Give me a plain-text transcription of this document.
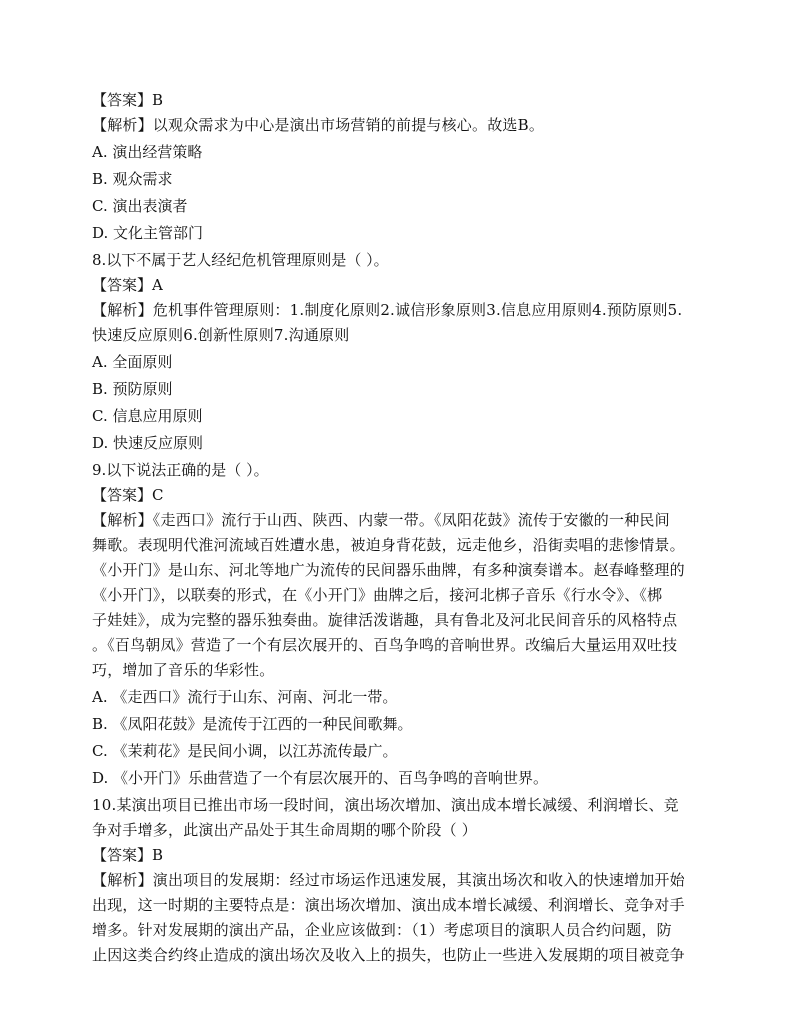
【答案】B
【解析】以观众需求为中心是演出市场营销的前提与核心。故选B。
A. 演出经营策略
B. 观众需求
C. 演出表演者
D. 文化主管部门
8.以下不属于艺人经纪危机管理原则是（ ）。
【答案】A
【解析】危机事件管理原则：1.制度化原则2.诚信形象原则3.信息应用原则4.预防原则5.
快速反应原则6.创新性原则7.沟通原则
A. 全面原则
B. 预防原则
C. 信息应用原则
D. 快速反应原则
9.以下说法正确的是（ ）。
【答案】C
【解析】《走西口》流行于山西、陕西、内蒙一带。《凤阳花鼓》流传于安徽的一种民间
舞歌。表现明代淮河流域百姓遭水患，被迫身背花鼓，远走他乡，沿街卖唱的悲惨情景。
《小开门》是山东、河北等地广为流传的民间器乐曲牌，有多种演奏谱本。赵春峰整理的
《小开门》，以联奏的形式，在《小开门》曲牌之后，接河北梆子音乐《行水令》、《梆
子娃娃》，成为完整的器乐独奏曲。旋律活泼谐趣，具有鲁北及河北民间音乐的风格特点
。《百鸟朝凤》营造了一个有层次展开的、百鸟争鸣的音响世界。改编后大量运用双吐技
巧，增加了音乐的华彩性。
A. 《走西口》流行于山东、河南、河北一带。
B. 《凤阳花鼓》是流传于江西的一种民间歌舞。
C. 《茉莉花》是民间小调，以江苏流传最广。
D. 《小开门》乐曲营造了一个有层次展开的、百鸟争鸣的音响世界。
10.某演出项目已推出市场一段时间，演出场次增加、演出成本增长减缓、利润增长、竞
争对手增多，此演出产品处于其生命周期的哪个阶段（ ）
【答案】B
【解析】演出项目的发展期：经过市场运作迅速发展，其演出场次和收入的快速增加开始
出现，这一时期的主要特点是：演出场次增加、演出成本增长减缓、利润增长、竞争对手
增多。针对发展期的演出产品，企业应该做到：（1）考虑项目的演职人员合约问题，防
止因这类合约终止造成的演出场次及收入上的损失，也防止一些进入发展期的项目被竞争
